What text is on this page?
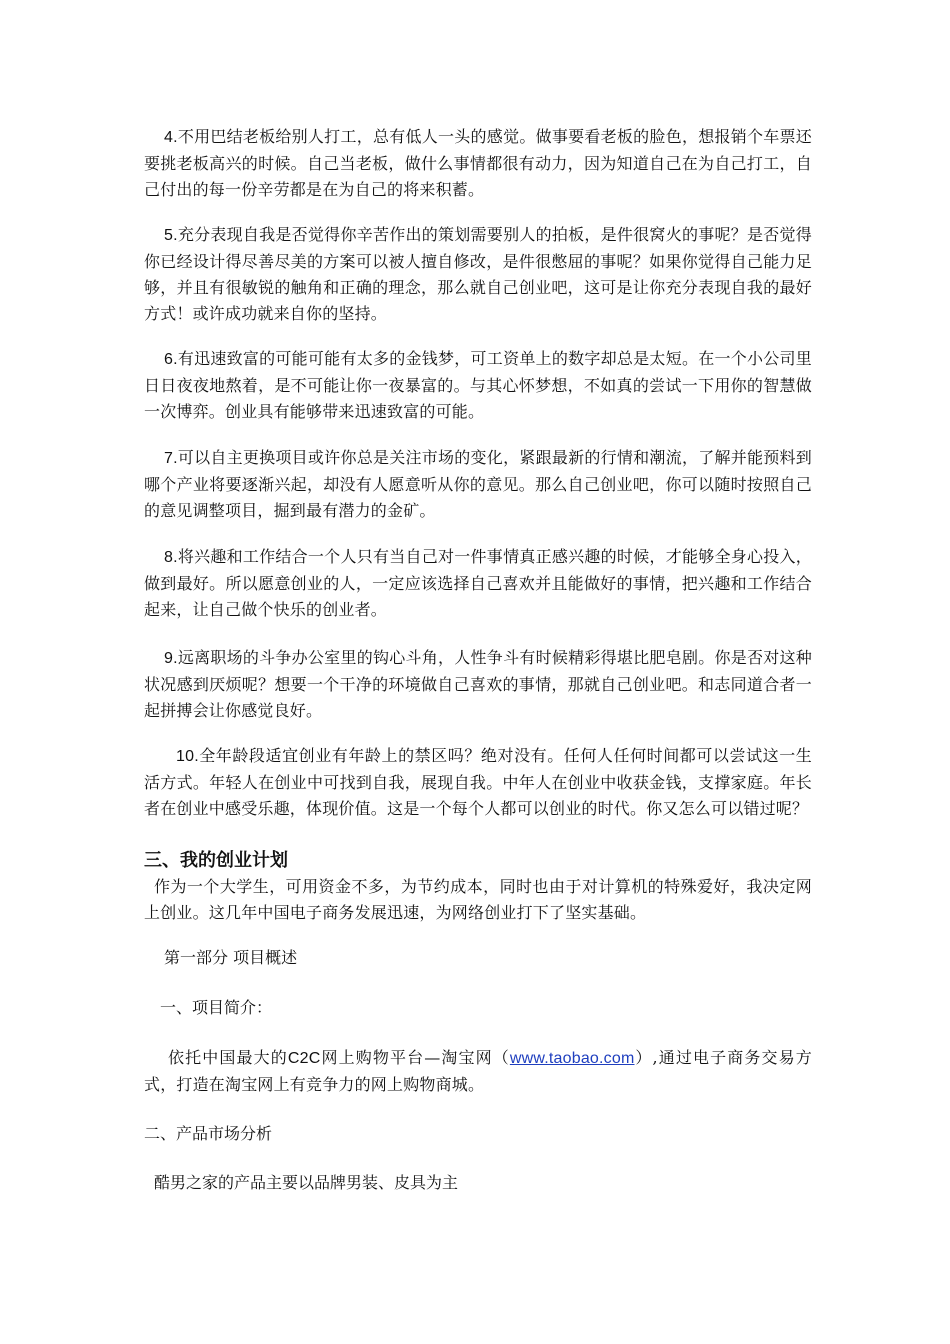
4.不用巴结老板给别人打工，总有低人一头的感觉。做事要看老板的脸色，想报销个车票还要挑老板高兴的时候。自己当老板，做什么事情都很有动力，因为知道自己在为自己打工，自己付出的每一份辛劳都是在为自己的将来积蓄。

5.充分表现自我是否觉得你辛苦作出的策划需要别人的拍板，是件很窝火的事呢？是否觉得你已经设计得尽善尽美的方案可以被人擅自修改，是件很憋屈的事呢？如果你觉得自己能力足够，并且有很敏锐的触角和正确的理念，那么就自己创业吧，这可是让你充分表现自我的最好方式！或许成功就来自你的坚持。

6.有迅速致富的可能可能有太多的金钱梦，可工资单上的数字却总是太短。在一个小公司里日日夜夜地熬着，是不可能让你一夜暴富的。与其心怀梦想，不如真的尝试一下用你的智慧做一次博弈。创业具有能够带来迅速致富的可能。

7.可以自主更换项目或许你总是关注市场的变化，紧跟最新的行情和潮流，了解并能预料到哪个产业将要逐渐兴起，却没有人愿意听从你的意见。那么自己创业吧，你可以随时按照自己的意见调整项目，掘到最有潜力的金矿。

8.将兴趣和工作结合一个人只有当自己对一件事情真正感兴趣的时候，才能够全身心投入，做到最好。所以愿意创业的人，一定应该选择自己喜欢并且能做好的事情，把兴趣和工作结合起来，让自己做个快乐的创业者。

9.远离职场的斗争办公室里的钩心斗角，人性争斗有时候精彩得堪比肥皂剧。你是否对这种状况感到厌烦呢？想要一个干净的环境做自己喜欢的事情，那就自己创业吧。和志同道合者一起拼搏会让你感觉良好。

10.全年龄段适宜创业有年龄上的禁区吗？绝对没有。任何人任何时间都可以尝试这一生活方式。年轻人在创业中可找到自我，展现自我。中年人在创业中收获金钱，支撑家庭。年长者在创业中感受乐趣，体现价值。这是一个每个人都可以创业的时代。你又怎么可以错过呢？

三、我的创业计划

作为一个大学生，可用资金不多，为节约成本，同时也由于对计算机的特殊爱好，我决定网上创业。这几年中国电子商务发展迅速，为网络创业打下了坚实基础。

第一部分 项目概述
一、项目简介：

依托中国最大的C2C网上购物平台—淘宝网（www.taobao.com）,通过电子商务交易方式，打造在淘宝网上有竞争力的网上购物商城。

二、产品市场分析
酷男之家的产品主要以品牌男装、皮具为主
